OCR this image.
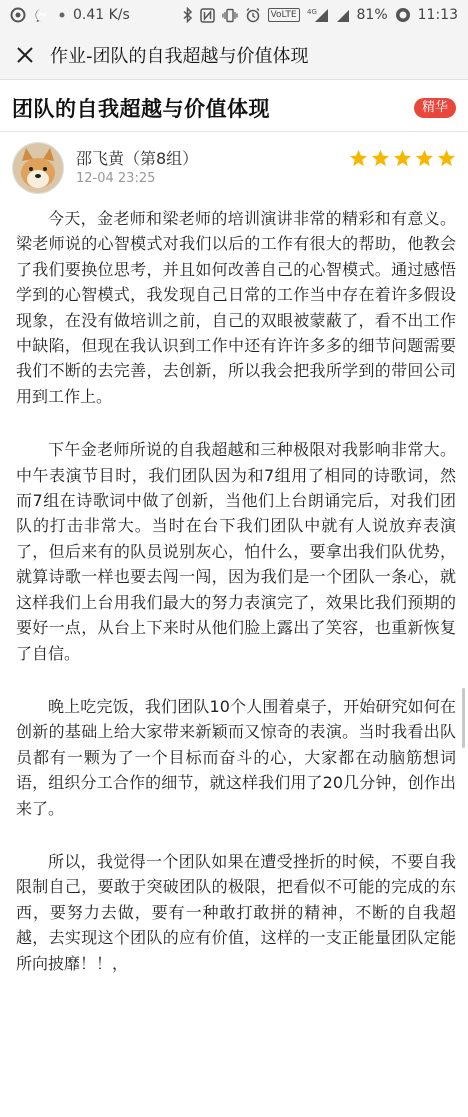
0.41 K/s	VoLTE	4G	81% 11:13
作业-团队的自我超越与价值体现
团队的自我超越与价值体现	精华
邵飞黄（第8组）
12-04 23:25

今天，金老师和梁老师的培训演讲非常的精彩和有意义。梁老师说的心智模式对我们以后的工作有很大的帮助，他教会了我们要换位思考，并且如何改善自己的心智模式。通过感悟学到的心智模式，我发现自己日常的工作当中存在着许多假设现象，在没有做培训之前，自己的双眼被蒙蔽了，看不出工作中缺陷，但现在我认识到工作中还有许许多多的细节问题需要我们不断的去完善，去创新，所以我会把我所学到的带回公司用到工作上。

下午金老师所说的自我超越和三种极限对我影响非常大。中午表演节目时，我们团队因为和7组用了相同的诗歌词，然而7组在诗歌词中做了创新，当他们上台朗诵完后，对我们团队的打击非常大。当时在台下我们团队中就有人说放弃表演了，但后来有的队员说别灰心，怕什么，要拿出我们队优势，就算诗歌一样也要去闯一闯，因为我们是一个团队一条心，就这样我们上台用我们最大的努力表演完了，效果比我们预期的要好一点，从台上下来时从他们脸上露出了笑容，也重新恢复了自信。

晚上吃完饭，我们团队10个人围着桌子，开始研究如何在创新的基础上给大家带来新颖而又惊奇的表演。当时我看出队员都有一颗为了一个目标而奋斗的心，大家都在动脑筋想词语，组织分工合作的细节，就这样我们用了20几分钟，创作出来了。

所以，我觉得一个团队如果在遭受挫折的时候，不要自我限制自己，要敢于突破团队的极限，把看似不可能的完成的东西，要努力去做，要有一种敢打敢拼的精神，不断的自我超越，去实现这个团队的应有价值，这样的一支正能量团队定能所向披靡！！，
